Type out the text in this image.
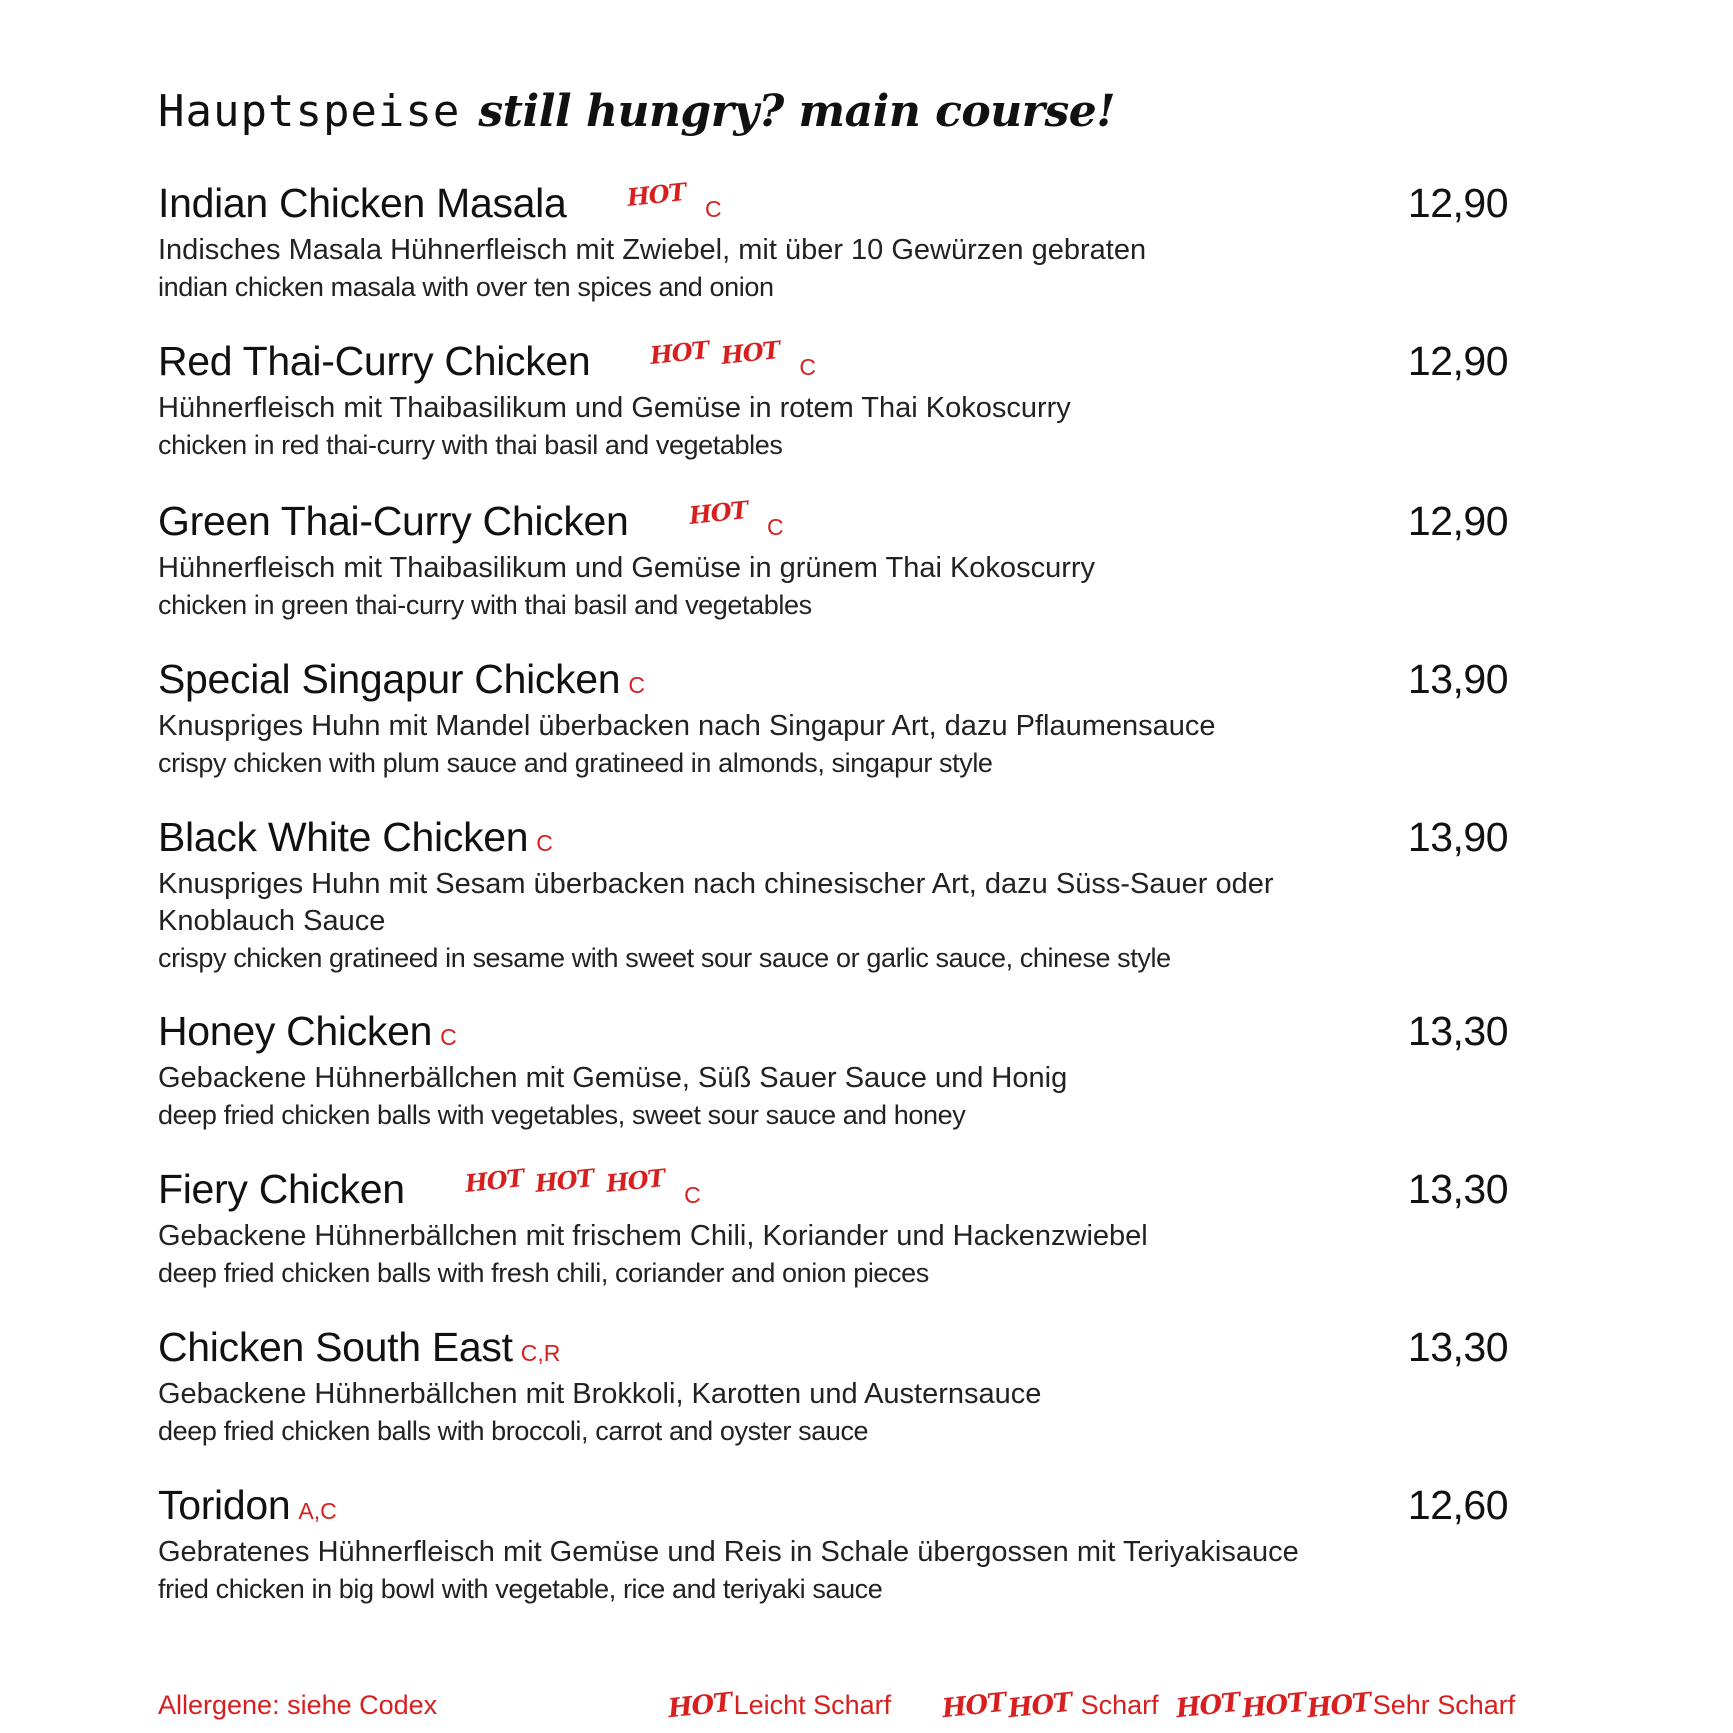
Hauptspeise still hungry? main course!
Indian Chicken Masala HOT C	12,90
Indisches Masala Hühnerfleisch mit Zwiebel, mit über 10 Gewürzen gebraten
indian chicken masala with over ten spices and onion
Red Thai-Curry Chicken HOT HOT C	12,90
Hühnerfleisch mit Thaibasilikum und Gemüse in rotem Thai Kokoscurry
chicken in red thai-curry with thai basil and vegetables
Green Thai-Curry Chicken HOT C	12,90
Hühnerfleisch mit Thaibasilikum und Gemüse in grünem Thai Kokoscurry
chicken in green thai-curry with thai basil and vegetables
Special Singapur Chicken C	13,90
Knuspriges Huhn mit Mandel überbacken nach Singapur Art, dazu Pflaumensauce
crispy chicken with plum sauce and gratineed in almonds, singapur style
Black White Chicken C	13,90
Knuspriges Huhn mit Sesam überbacken nach chinesischer Art, dazu Süss-Sauer oder Knoblauch Sauce
crispy chicken gratineed in sesame with sweet sour sauce or garlic sauce, chinese style
Honey Chicken C	13,30
Gebackene Hühnerbällchen mit Gemüse, Süß Sauer Sauce und Honig
deep fried chicken balls with vegetables, sweet sour sauce and honey
Fiery Chicken HOT HOT HOT C	13,30
Gebackene Hühnerbällchen mit frischem Chili, Koriander und Hackenzwiebel
deep fried chicken balls with fresh chili, coriander and onion pieces
Chicken South East C,R	13,30
Gebackene Hühnerbällchen mit Brokkoli, Karotten und Austernsauce
deep fried chicken balls with broccoli, carrot and oyster sauce
Toridon A,C	12,60
Gebratenes Hühnerfleisch mit Gemüse und Reis in Schale übergossen mit Teriyakisauce
fried chicken in big bowl with vegetable, rice and teriyaki sauce
Allergene: siehe Codex	HOTLeicht Scharf HOTHOT Scharf HOTHOTHOTSehr Scharf
